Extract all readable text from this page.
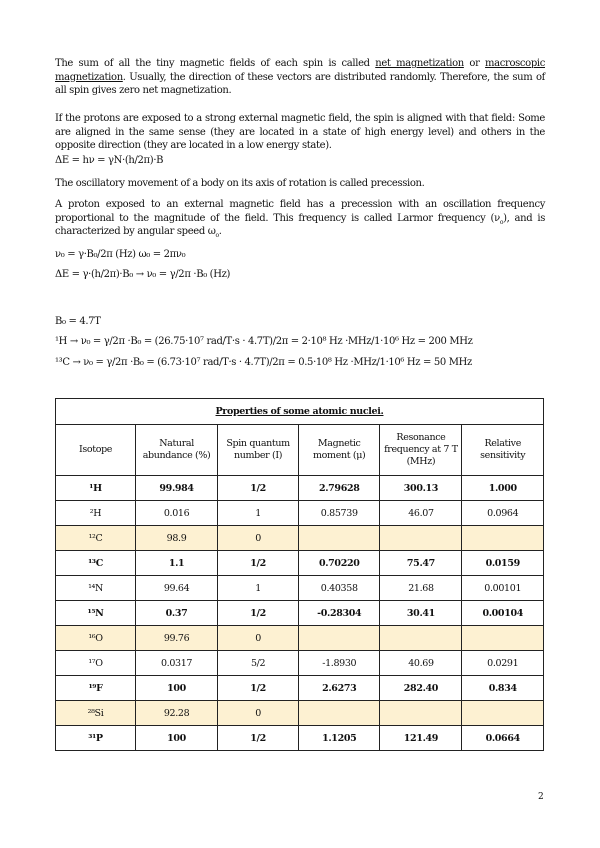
The sum of all the tiny magnetic fields of each spin is called net magnetization or macroscopic magnetization. Usually, the direction of these vectors are distributed randomly. Therefore, the sum of all spin gives zero net magnetization.
If the protons are exposed to a strong external magnetic field, the spin is aligned with that field: Some are aligned in the same sense (they are located in a state of high energy level) and others in the opposite direction (they are located in a low energy state).
ΔE = hν = γN·(h/2π)·B
The oscillatory movement of a body on its axis of rotation is called precession.
A proton exposed to an external magnetic field has a precession with an oscillation frequency proportional to the magnitude of the field. This frequency is called Larmor frequency $(\nu_o)$, and is characterized by angular speed $\omega_o$.
ν₀ = γ·B₀/2π (Hz) ω₀ = 2πν₀
ΔE = γ·(h/2π)·B₀ → ν₀ = γ/2π ·B₀ (Hz)
B₀ = 4.7T
¹H → ν₀ = γ/2π ·B₀ = (26.75·10⁷ rad/T·s · 4.7T)/2π = 2·10⁸ Hz ·MHz/1·10⁶ Hz = 200 MHz
¹³C → ν₀ = γ/2π ·B₀ = (6.73·10⁷ rad/T·s · 4.7T)/2π = 0.5·10⁸ Hz ·MHz/1·10⁶ Hz = 50 MHz
Properties of some atomic nuclei.					
Isotope	Natural abundance (%)	Spin quantum number (I)	Magnetic moment (μ)	Resonance frequency at 7 T (MHz)	Relative sensitivity
¹H	99.984	1/2	2.79628	300.13	1.000
²H	0.016	1	0.85739	46.07	0.0964
¹²C	98.9	0			
¹³C	1.1	1/2	0.70220	75.47	0.0159
¹⁴N	99.64	1	0.40358	21.68	0.00101
¹⁵N	0.37	1/2	-0.28304	30.41	0.00104
¹⁶O	99.76	0			
¹⁷O	0.0317	5/2	-1.8930	40.69	0.0291
¹⁹F	100	1/2	2.6273	282.40	0.834
²⁸Si	92.28	0			
³¹P	100	1/2	1.1205	121.49	0.0664
2
